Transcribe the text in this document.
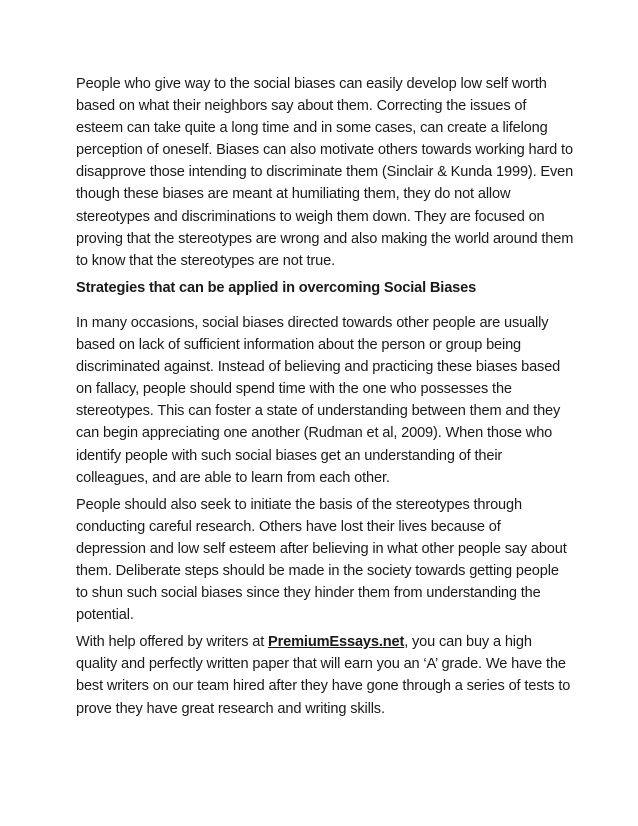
People who give way to the social biases can easily develop low self worth based on what their neighbors say about them. Correcting the issues of esteem can take quite a long time and in some cases, can create a lifelong perception of oneself. Biases can also motivate others towards working hard to disapprove those intending to discriminate them (Sinclair & Kunda 1999). Even though these biases are meant at humiliating them, they do not allow stereotypes and discriminations to weigh them down. They are focused on proving that the stereotypes are wrong and also making the world around them to know that the stereotypes are not true.

Strategies that can be applied in overcoming Social Biases

In many occasions, social biases directed towards other people are usually based on lack of sufficient information about the person or group being discriminated against. Instead of believing and practicing these biases based on fallacy, people should spend time with the one who possesses the stereotypes. This can foster a state of understanding between them and they can begin appreciating one another (Rudman et al, 2009). When those who identify people with such social biases get an understanding of their colleagues, and are able to learn from each other.

People should also seek to initiate the basis of the stereotypes through conducting careful research. Others have lost their lives because of depression and low self esteem after believing in what other people say about them. Deliberate steps should be made in the society towards getting people to shun such social biases since they hinder them from understanding the potential.

With help offered by writers at PremiumEssays.net, you can buy a high quality and perfectly written paper that will earn you an ‘A’ grade. We have the best writers on our team hired after they have gone through a series of tests to prove they have great research and writing skills.
